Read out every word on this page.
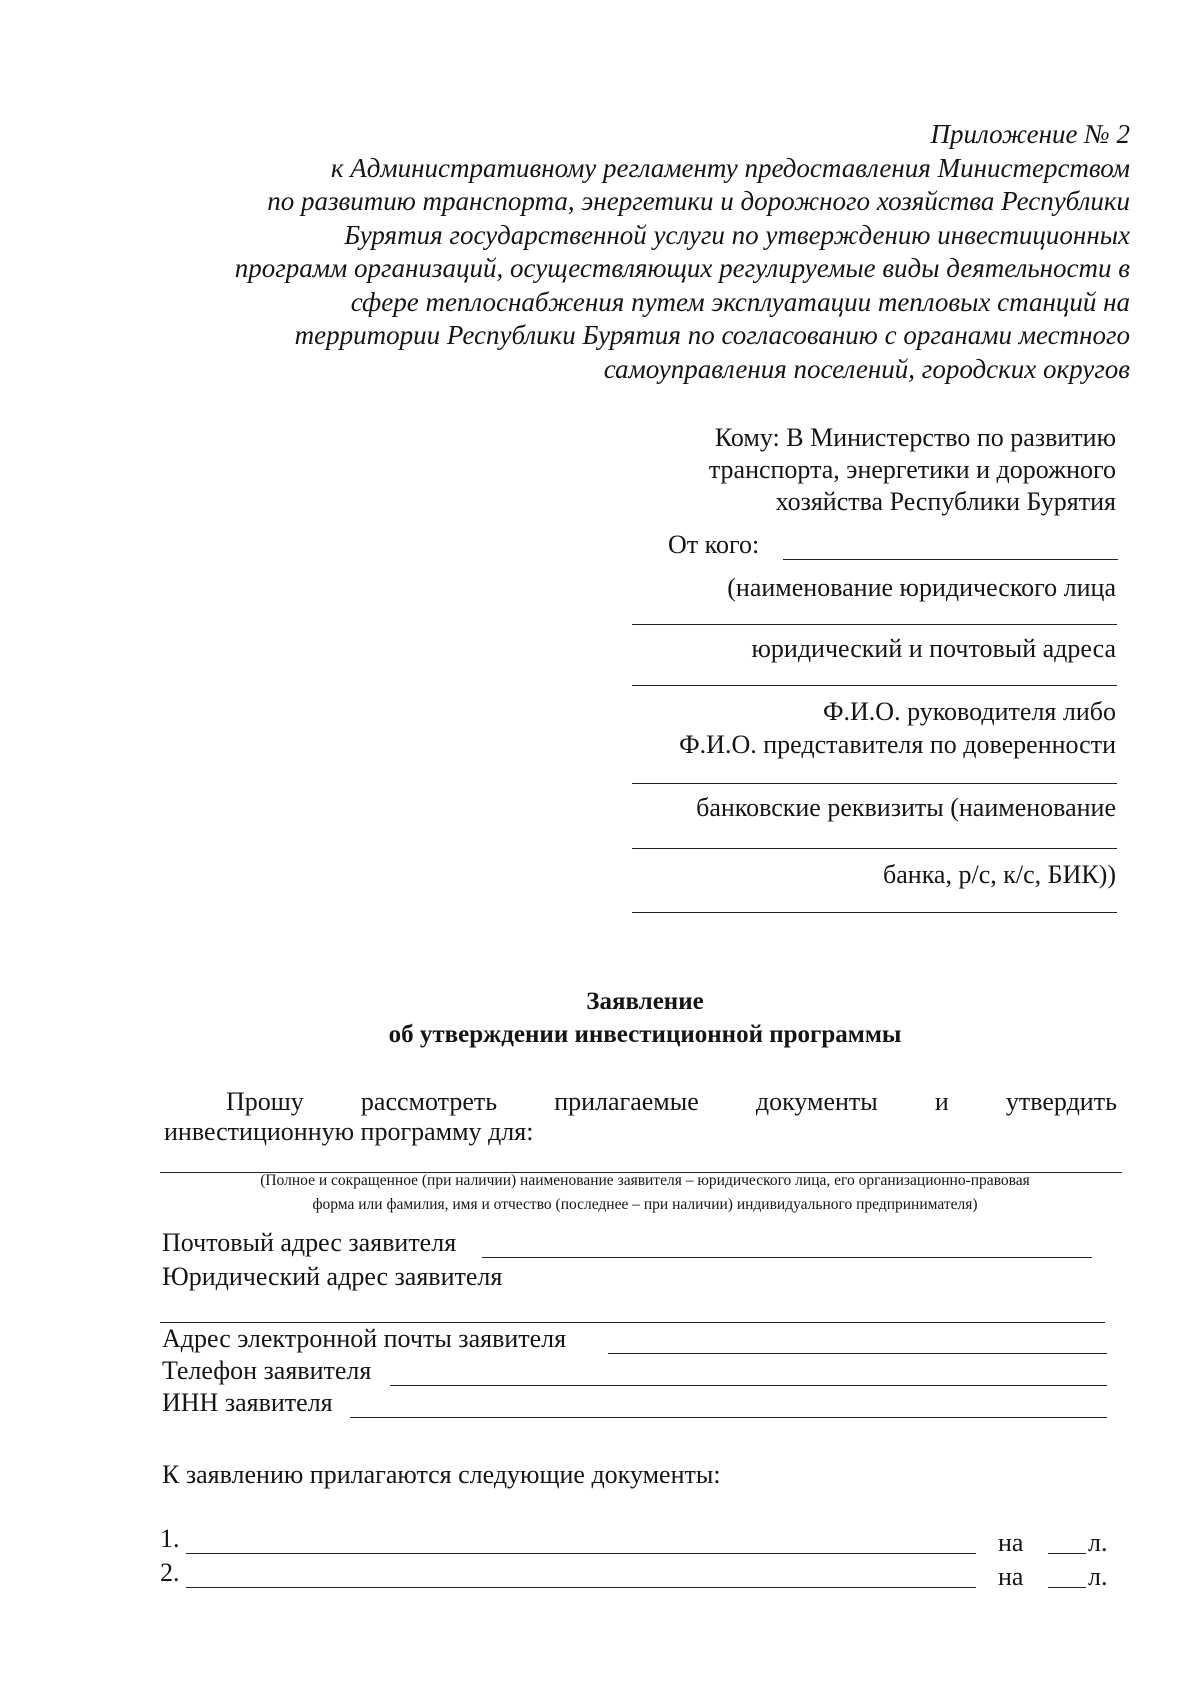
Приложение № 2
к Административному регламенту предоставления Министерством
по развитию транспорта, энергетики и дорожного хозяйства Республики
Бурятия государственной услуги по утверждению инвестиционных
программ организаций, осуществляющих регулируемые виды деятельности в
сфере теплоснабжения путем эксплуатации тепловых станций на
территории Республики Бурятия по согласованию с органами местного
самоуправления поселений, городских округов
Кому: В Министерство по развитию
транспорта, энергетики и дорожного
хозяйства Республики Бурятия
От кого:
(наименование юридического лица
юридический и почтовый адреса
Ф.И.О. руководителя либо
Ф.И.О. представителя по доверенности
банковские реквизиты (наименование
банка, р/с, к/с, БИК))
Заявление
об утверждении инвестиционной программы
Прошу рассмотреть прилагаемые документы и утвердить
инвестиционную программу для:
(Полное и сокращенное (при наличии) наименование заявителя – юридического лица, его организационно-правовая
форма или фамилия, имя и отчество (последнее – при наличии) индивидуального предпринимателя)
Почтовый адрес заявителя
Юридический адрес заявителя
Адрес электронной почты заявителя
Телефон заявителя
ИНН заявителя
К заявлению прилагаются следующие документы:
1.	на л.
2.	на л.
